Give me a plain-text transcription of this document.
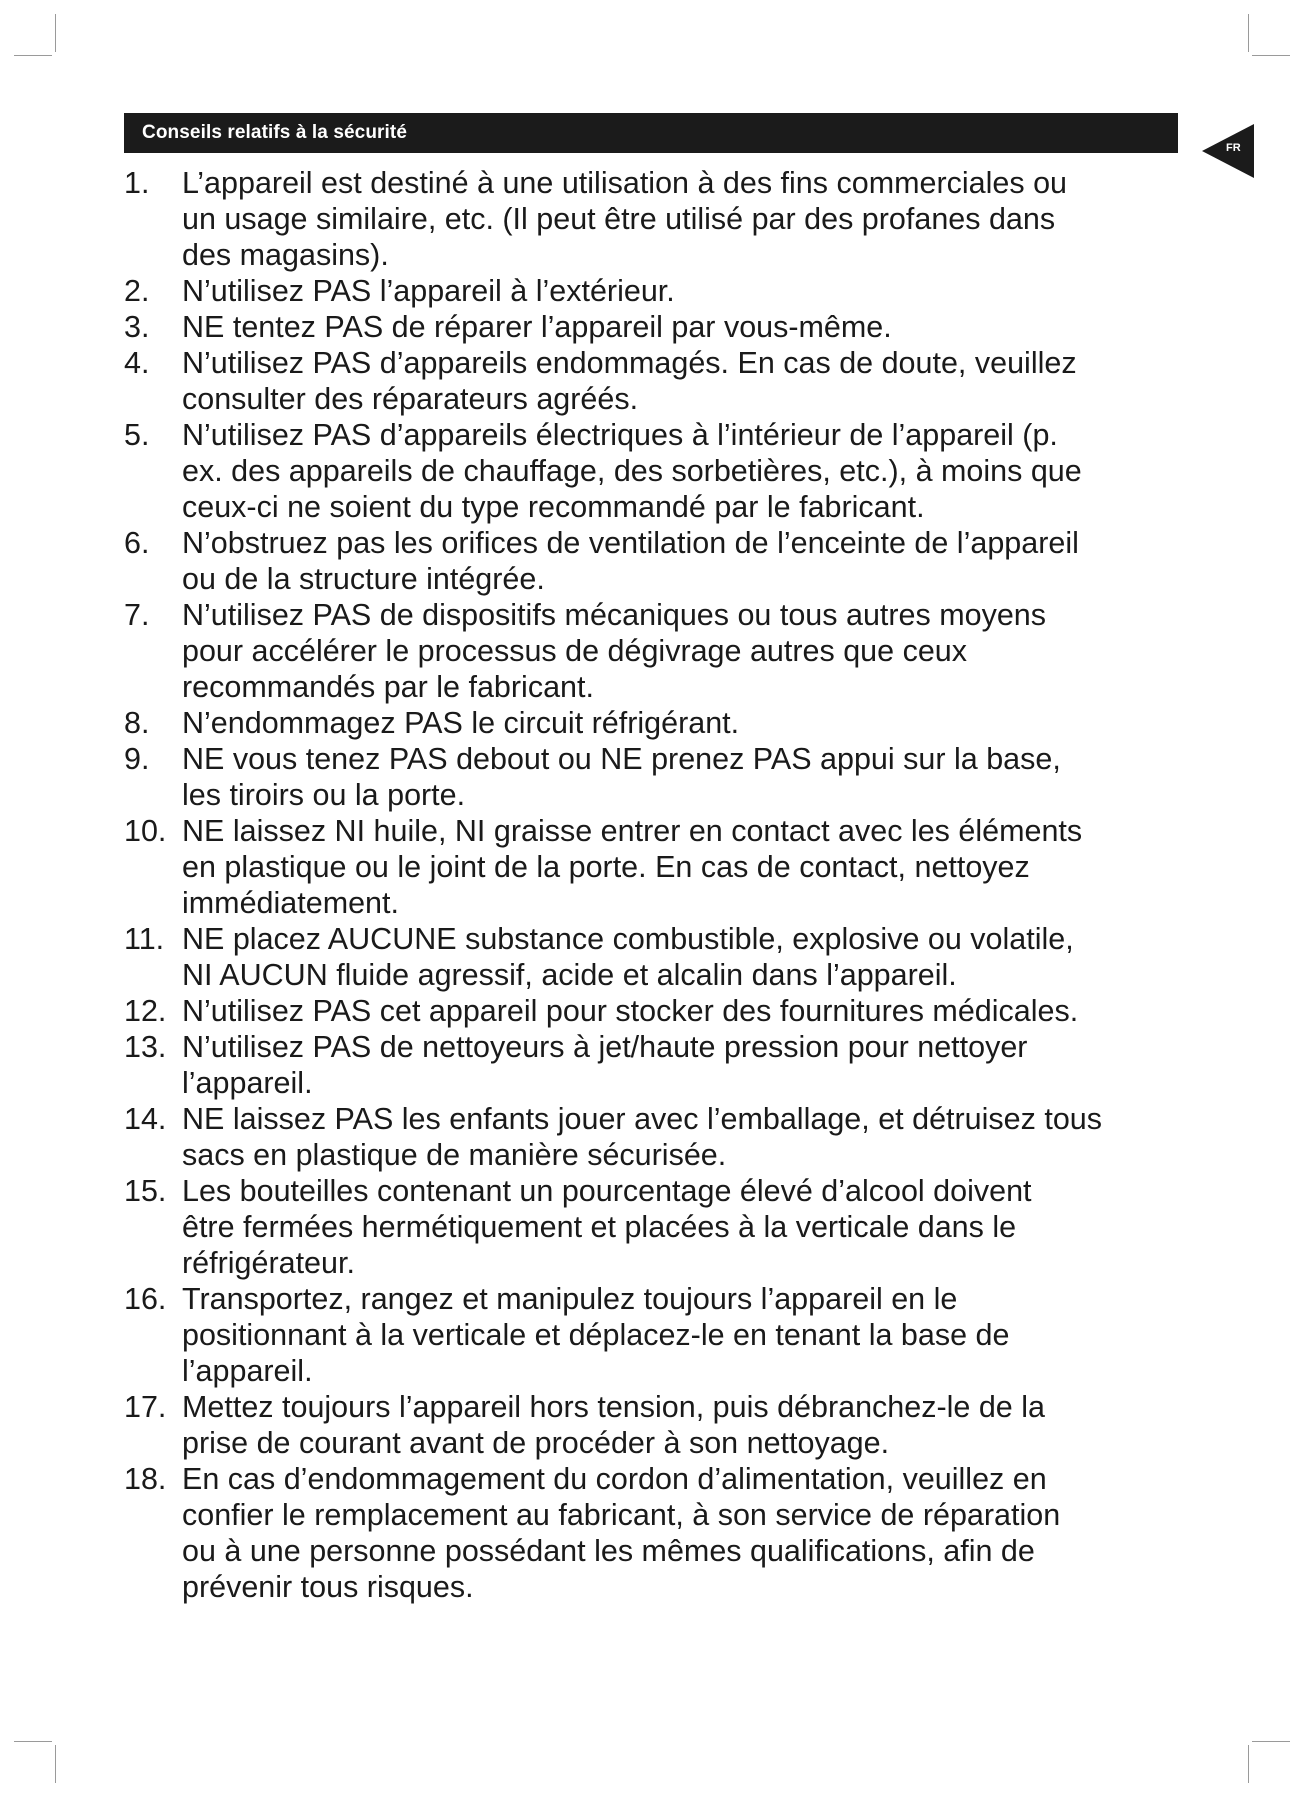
Conseils relatifs à la sécurité
FR
1.	L’appareil est destiné à une utilisation à des fins commerciales ou
un usage similaire, etc. (Il peut être utilisé par des profanes dans
des magasins).
2.	N’utilisez PAS l’appareil à l’extérieur.
3.	NE tentez PAS de réparer l’appareil par vous-même.
4.	N’utilisez PAS d’appareils endommagés. En cas de doute, veuillez
consulter des réparateurs agréés.
5.	N’utilisez PAS d’appareils électriques à l’intérieur de l’appareil (p.
ex. des appareils de chauffage, des sorbetières, etc.), à moins que
ceux-ci ne soient du type recommandé par le fabricant.
6.	N’obstruez pas les orifices de ventilation de l’enceinte de l’appareil
ou de la structure intégrée.
7.	N’utilisez PAS de dispositifs mécaniques ou tous autres moyens
pour accélérer le processus de dégivrage autres que ceux
recommandés par le fabricant.
8.	N’endommagez PAS le circuit réfrigérant.
9.	NE vous tenez PAS debout ou NE prenez PAS appui sur la base,
les tiroirs ou la porte.
10. NE laissez NI huile, NI graisse entrer en contact avec les éléments
en plastique ou le joint de la porte. En cas de contact, nettoyez
immédiatement.
11. NE placez AUCUNE substance combustible, explosive ou volatile,
NI AUCUN fluide agressif, acide et alcalin dans l’appareil.
12. N’utilisez PAS cet appareil pour stocker des fournitures médicales.
13. N’utilisez PAS de nettoyeurs à jet/haute pression pour nettoyer
l’appareil.
14. NE laissez PAS les enfants jouer avec l’emballage, et détruisez tous
sacs en plastique de manière sécurisée.
15. Les bouteilles contenant un pourcentage élevé d’alcool doivent
être fermées hermétiquement et placées à la verticale dans le
réfrigérateur.
16. Transportez, rangez et manipulez toujours l’appareil en le
positionnant à la verticale et déplacez-le en tenant la base de
l’appareil.
17. Mettez toujours l’appareil hors tension, puis débranchez-le de la
prise de courant avant de procéder à son nettoyage.
18. En cas d’endommagement du cordon d’alimentation, veuillez en
confier le remplacement au fabricant, à son service de réparation
ou à une personne possédant les mêmes qualifications, afin de
prévenir tous risques.
